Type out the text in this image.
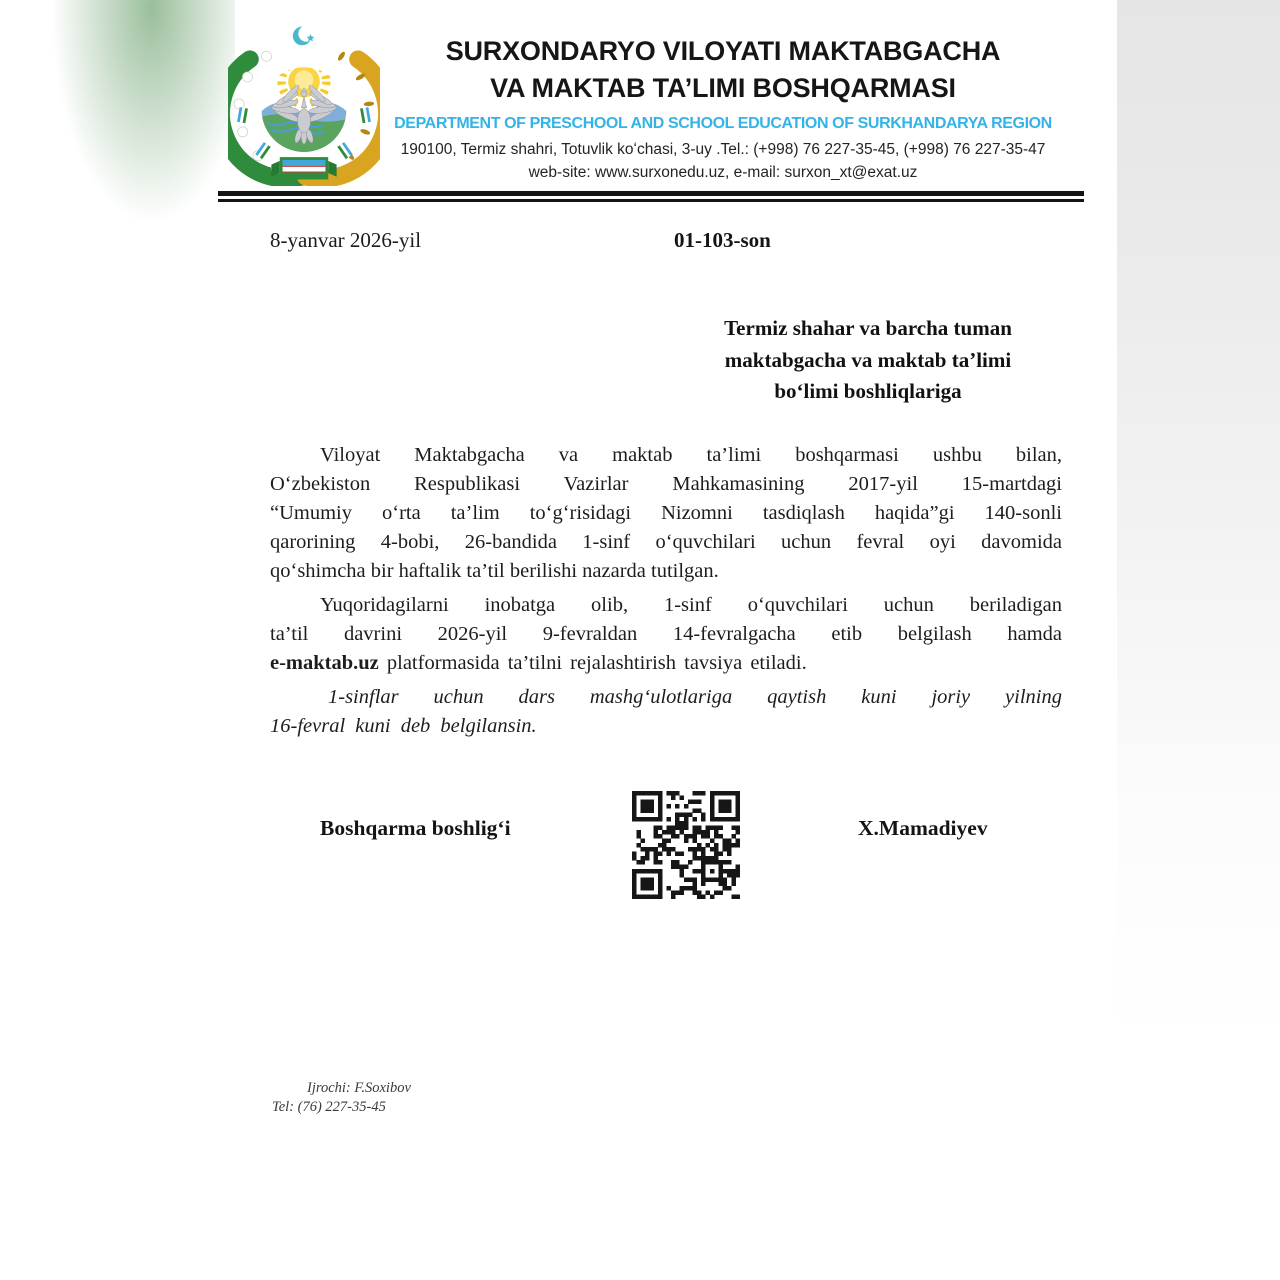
SURXONDARYO VILOYATI MAKTABGACHA
VA MAKTAB TA’LIMI BOSHQARMASI
DEPARTMENT OF PRESCHOOL AND SCHOOL EDUCATION OF SURKHANDARYA REGION
190100, Termiz shahri, Totuvlik koʻchasi, 3-uy .Tel.: (+998) 76 227-35-45, (+998) 76 227-35-47
web-site: www.surxonedu.uz, e-mail: surxon_xt@exat.uz
8-yanvar 2026-yil	01-103-son
Termiz shahar va barcha tuman
maktabgacha va maktab ta’limi
boʻlimi boshliqlariga
Viloyat Maktabgacha va maktab ta’limi boshqarmasi ushbu bilan,
Oʻzbekiston Respublikasi Vazirlar Mahkamasining 2017-yil 15-martdagi
“Umumiy oʻrta ta’lim toʻgʻrisidagi Nizomni tasdiqlash haqida”gi 140-sonli
qarorining 4-bobi, 26-bandida 1-sinf oʻquvchilari uchun fevral oyi davomida
qoʻshimcha bir haftalik ta’til berilishi nazarda tutilgan.
Yuqoridagilarni inobatga olib, 1-sinf oʻquvchilari uchun beriladigan
ta’til davrini 2026-yil 9-fevraldan 14-fevralgacha etib belgilash hamda
e-maktab.uz platformasida ta’tilni rejalashtirish tavsiya etiladi.
1-sinflar uchun dars mashgʻulotlariga qaytish kuni joriy yilning
16-fevral kuni deb belgilansin.
Boshqarma boshligʻi	X.Mamadiyev
Ijrochi: F.Soxibov
Tel: (76) 227-35-45
